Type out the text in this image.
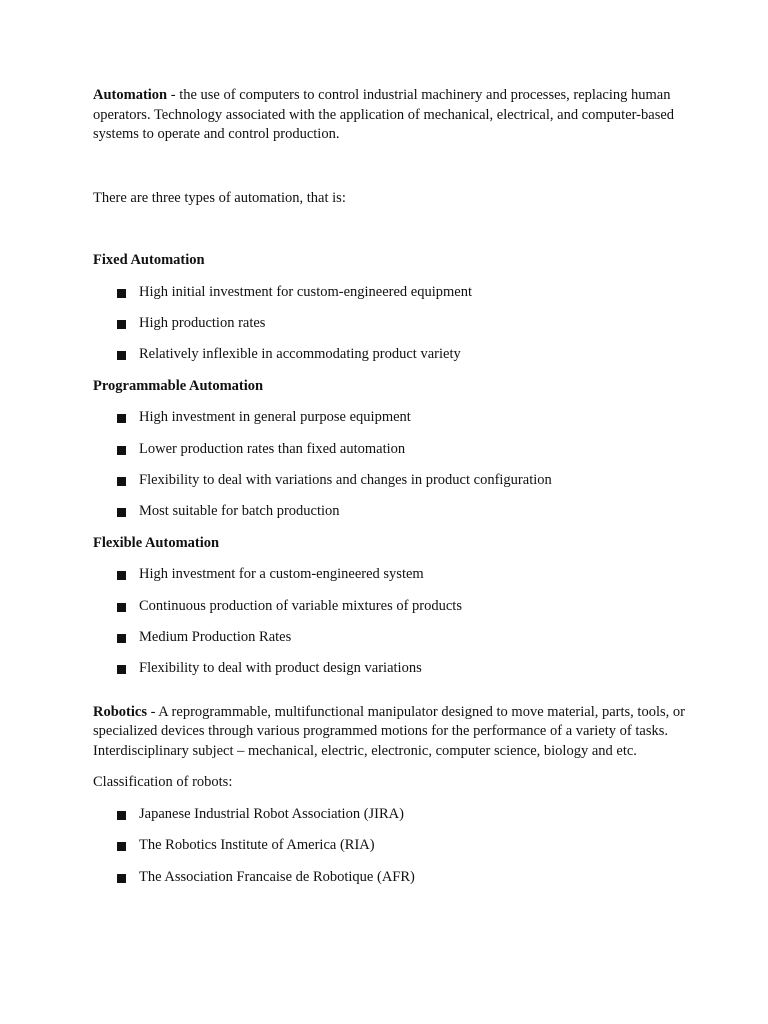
Automation - the use of computers to control industrial machinery and processes, replacing human operators. Technology associated with the application of mechanical, electrical, and computer-based systems to operate and control production.

There are three types of automation, that is:

Fixed Automation

High initial investment for custom-engineered equipment
High production rates
Relatively inflexible in accommodating product variety

Programmable Automation

High investment in general purpose equipment
Lower production rates than fixed automation
Flexibility to deal with variations and changes in product configuration
Most suitable for batch production

Flexible Automation

High investment for a custom-engineered system
Continuous production of variable mixtures of products
Medium Production Rates
Flexibility to deal with product design variations

Robotics - A reprogrammable, multifunctional manipulator designed to move material, parts, tools, or specialized devices through various programmed motions for the performance of a variety of tasks. Interdisciplinary subject – mechanical, electric, electronic, computer science, biology and etc.

Classification of robots:

Japanese Industrial Robot Association (JIRA)
The Robotics Institute of America (RIA)
The Association Francaise de Robotique (AFR)
